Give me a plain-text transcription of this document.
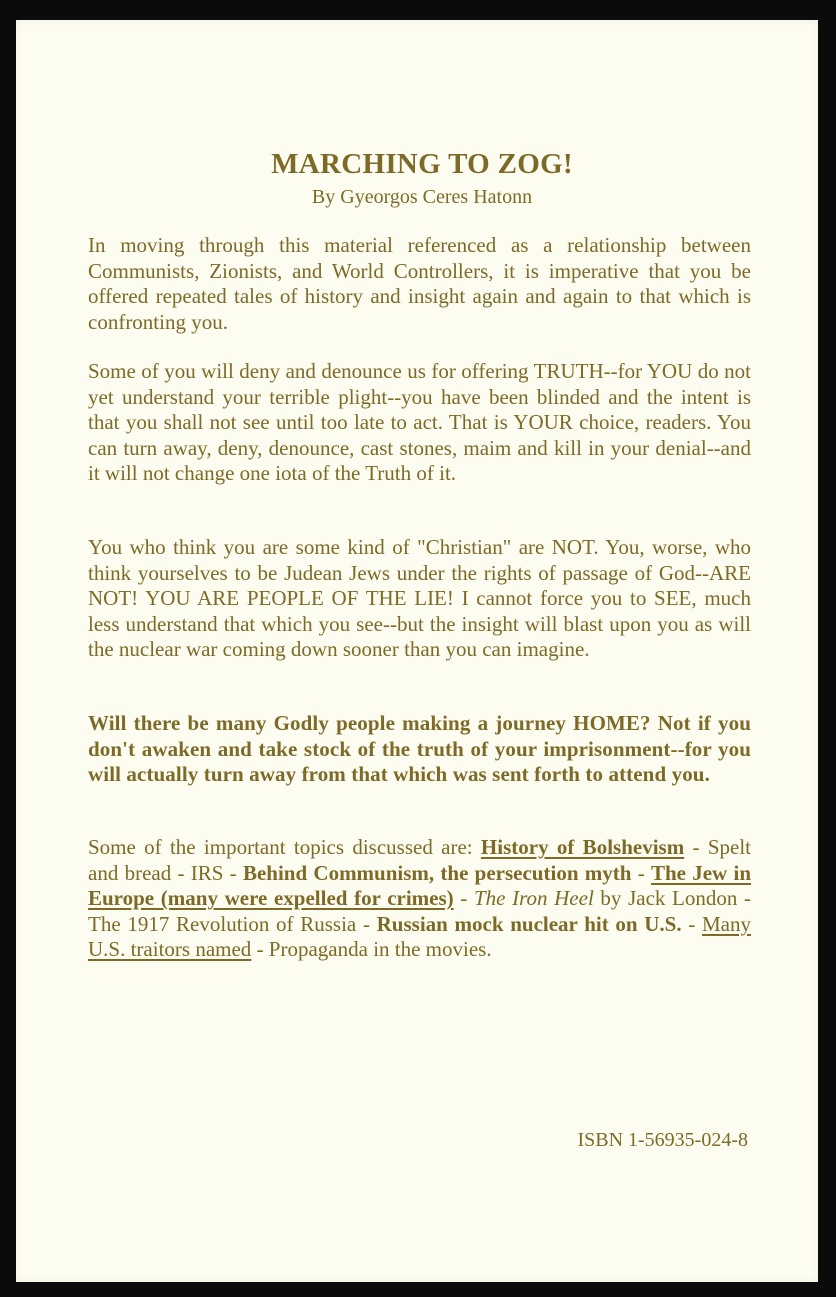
MARCHING TO ZOG!
By Gyeorgos Ceres Hatonn

In moving through this material referenced as a relationship between Communists, Zionists, and World Controllers, it is imperative that you be offered repeated tales of history and insight again and again to that which is confronting you.

Some of you will deny and denounce us for offering TRUTH--for YOU do not yet understand your terrible plight--you have been blinded and the intent is that you shall not see until too late to act. That is YOUR choice, readers. You can turn away, deny, denounce, cast stones, maim and kill in your denial--and it will not change one iota of the Truth of it.

You who think you are some kind of "Christian" are NOT. You, worse, who think yourselves to be Judean Jews under the rights of passage of God--ARE NOT! YOU ARE PEOPLE OF THE LIE! I cannot force you to SEE, much less understand that which you see--but the insight will blast upon you as will the nuclear war coming down sooner than you can imagine.

Will there be many Godly people making a journey HOME? Not if you don't awaken and take stock of the truth of your imprisonment--for you will actually turn away from that which was sent forth to attend you.

Some of the important topics discussed are: History of Bolshevism - Spelt and bread - IRS - Behind Communism, the persecution myth - The Jew in Europe (many were expelled for crimes) - The Iron Heel by Jack London - The 1917 Revolution of Russia - Russian mock nuclear hit on U.S. - Many U.S. traitors named - Propaganda in the movies.

ISBN 1-56935-024-8
